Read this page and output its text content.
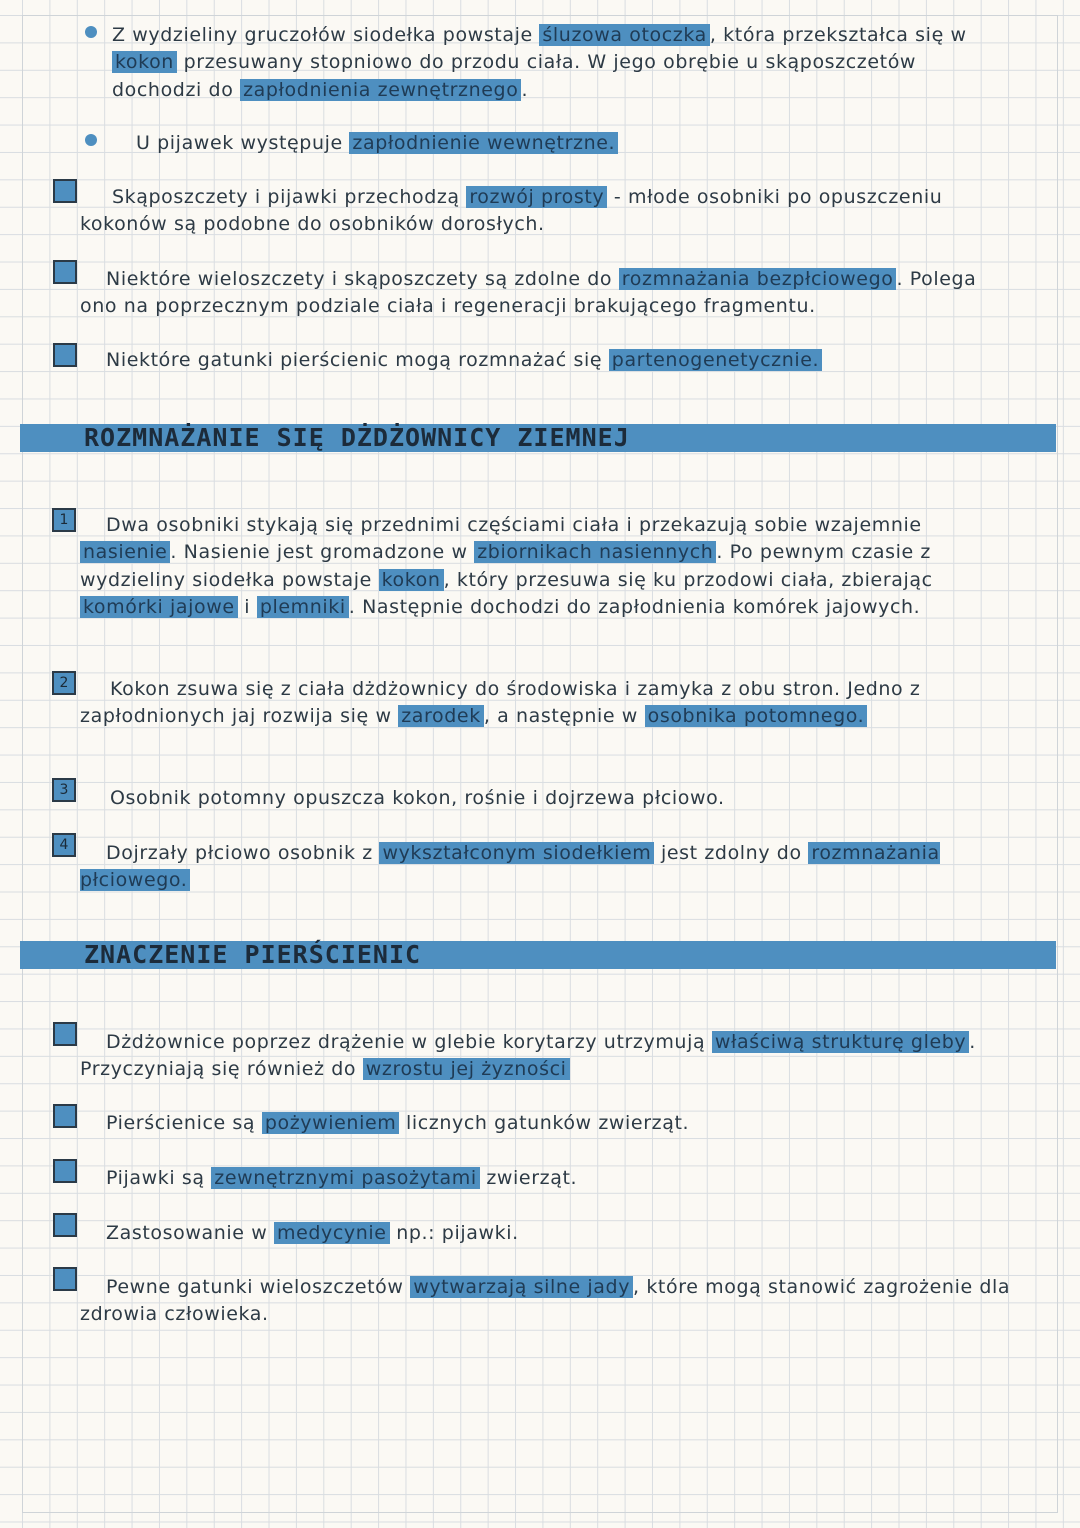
Z wydzieliny gruczołów siodełka powstaje śluzowa otoczka , która przekształca się w kokon przesuwany stopniowo do przodu ciała. W jego obrębie u skąposzczetów dochodzi do zapłodnienia zewnętrznego .
U pijawek występuje zapłodnienie wewnętrzne.
Skąposzczety i pijawki przechodzą rozwój prosty - młode osobniki po opuszczeniu kokonów są podobne do osobników dorosłych.
Niektóre wieloszczety i skąposzczety są zdolne do rozmnażania bezpłciowego . Polega ono na poprzecznym podziale ciała i regeneracji brakującego fragmentu.
Niektóre gatunki pierścienic mogą rozmnażać się partenogenetycznie.
ROZMNAŻANIE SIĘ DŻDŻOWNICY ZIEMNEJ
1	Dwa osobniki stykają się przednimi częściami ciała i przekazują sobie wzajemnie nasienie . Nasienie jest gromadzone w zbiornikach nasiennych . Po pewnym czasie z wydzieliny siodełka powstaje kokon , który przesuwa się ku przodowi ciała, zbierając komórki jajowe i plemniki . Następnie dochodzi do zapłodnienia komórek jajowych.
2	Kokon zsuwa się z ciała dżdżownicy do środowiska i zamyka z obu stron. Jedno z zapłodnionych jaj rozwija się w zarodek , a następnie w osobnika potomnego.
3	Osobnik potomny opuszcza kokon, rośnie i dojrzewa płciowo.
4	Dojrzały płciowo osobnik z wykształconym siodełkiem jest zdolny do rozmnażania płciowego.
ZNACZENIE PIERŚCIENIC
Dżdżownice poprzez drążenie w glebie korytarzy utrzymują właściwą strukturę gleby . Przyczyniają się również do wzrostu jej żyzności
Pierścienice są pożywieniem licznych gatunków zwierząt.
Pijawki są zewnętrznymi pasożytami zwierząt.
Zastosowanie w medycynie np.: pijawki.
Pewne gatunki wieloszczetów wytwarzają silne jady , które mogą stanowić zagrożenie dla zdrowia człowieka.
